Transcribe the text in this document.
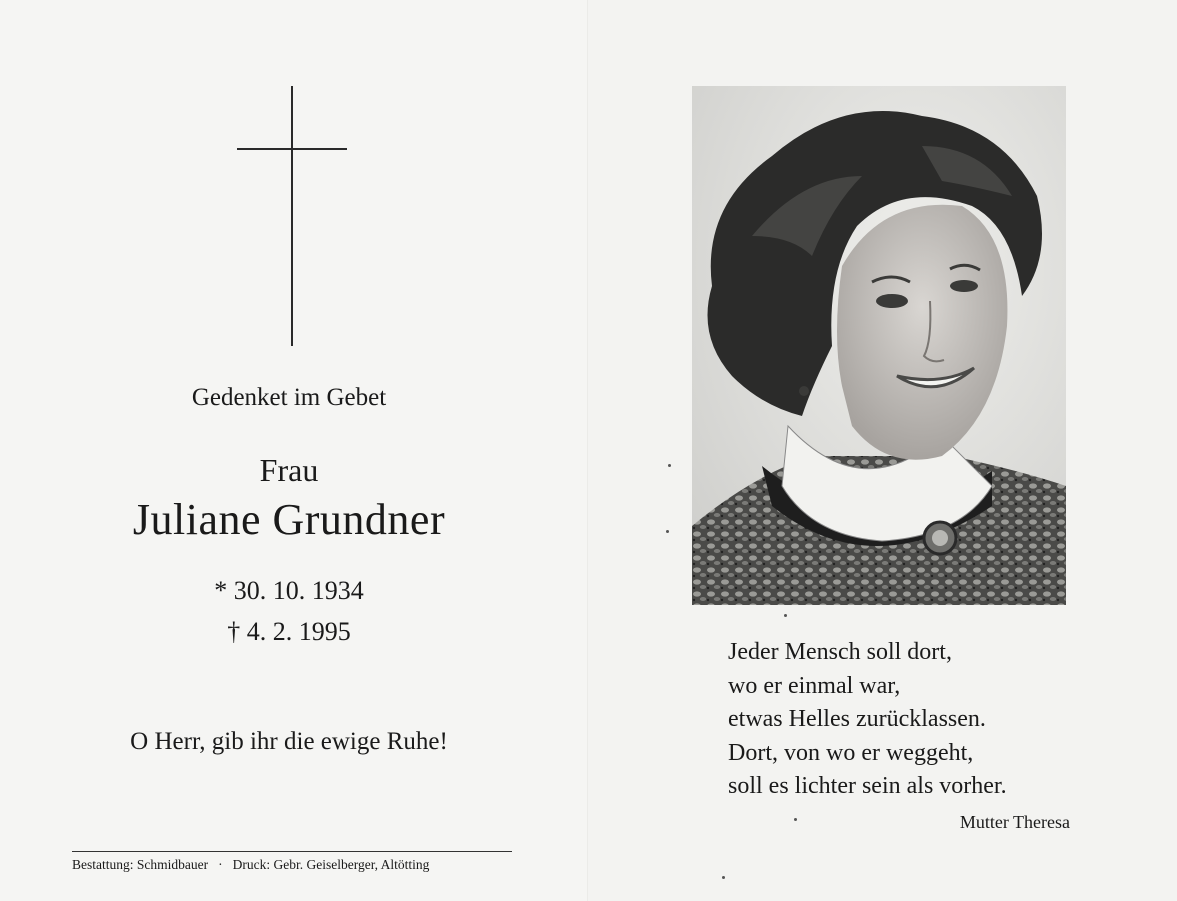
Gedenket im Gebet
Frau
Juliane Grundner
* 30. 10. 1934
† 4. 2. 1995
O Herr, gib ihr die ewige Ruhe!
Bestattung: Schmidbauer · Druck: Gebr. Geiselberger, Altötting
Jeder Mensch soll dort,
wo er einmal war,
etwas Helles zurücklassen.
Dort, von wo er weggeht,
soll es lichter sein als vorher.
Mutter Theresa
